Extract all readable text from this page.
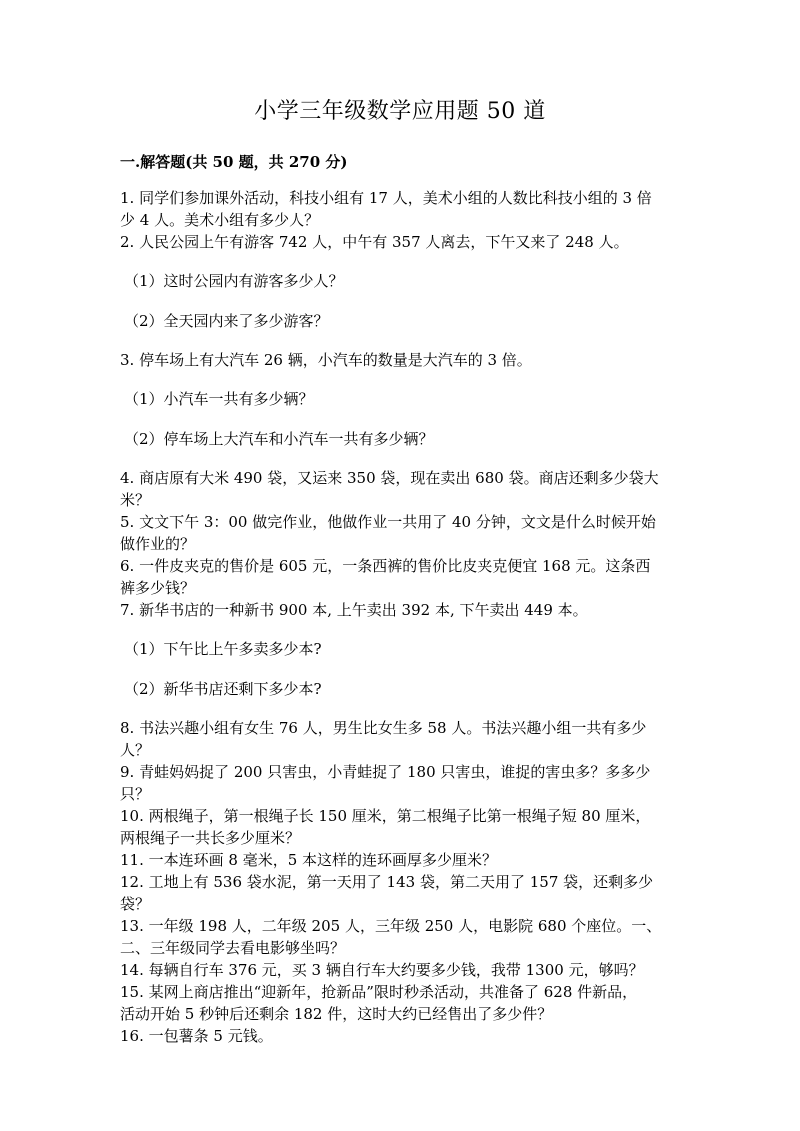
小学三年级数学应用题 50 道
一.解答题(共 50 题，共 270 分)
1. 同学们参加课外活动，科技小组有 17 人，美术小组的人数比科技小组的 3 倍
少 4 人。美术小组有多少人？
2. 人民公园上午有游客 742 人，中午有 357 人离去，下午又来了 248 人。
（1）这时公园内有游客多少人？
（2）全天园内来了多少游客？
3. 停车场上有大汽车 26 辆，小汽车的数量是大汽车的 3 倍。
（1）小汽车一共有多少辆？
（2）停车场上大汽车和小汽车一共有多少辆？
4. 商店原有大米 490 袋，又运来 350 袋，现在卖出 680 袋。商店还剩多少袋大
米？
5. 文文下午 3：00 做完作业，他做作业一共用了 40 分钟，文文是什么时候开始
做作业的？
6. 一件皮夹克的售价是 605 元，一条西裤的售价比皮夹克便宜 168 元。这条西
裤多少钱？
7. 新华书店的一种新书 900 本, 上午卖出 392 本, 下午卖出 449 本。
（1）下午比上午多卖多少本?
（2）新华书店还剩下多少本?
8. 书法兴趣小组有女生 76 人，男生比女生多 58 人。书法兴趣小组一共有多少
人？
9. 青蛙妈妈捉了 200 只害虫，小青蛙捉了 180 只害虫，谁捉的害虫多？多多少
只？
10. 两根绳子，第一根绳子长 150 厘米，第二根绳子比第一根绳子短 80 厘米，
两根绳子一共长多少厘米？
11. 一本连环画 8 毫米，5 本这样的连环画厚多少厘米？
12. 工地上有 536 袋水泥，第一天用了 143 袋，第二天用了 157 袋，还剩多少
袋？
13. 一年级 198 人，二年级 205 人，三年级 250 人，电影院 680 个座位。一、
二、三年级同学去看电影够坐吗？
14. 每辆自行车 376 元，买 3 辆自行车大约要多少钱，我带 1300 元，够吗？
15. 某网上商店推出“迎新年，抢新品”限时秒杀活动，共准备了 628 件新品，
活动开始 5 秒钟后还剩余 182 件，这时大约已经售出了多少件？
16. 一包薯条 5 元钱。
